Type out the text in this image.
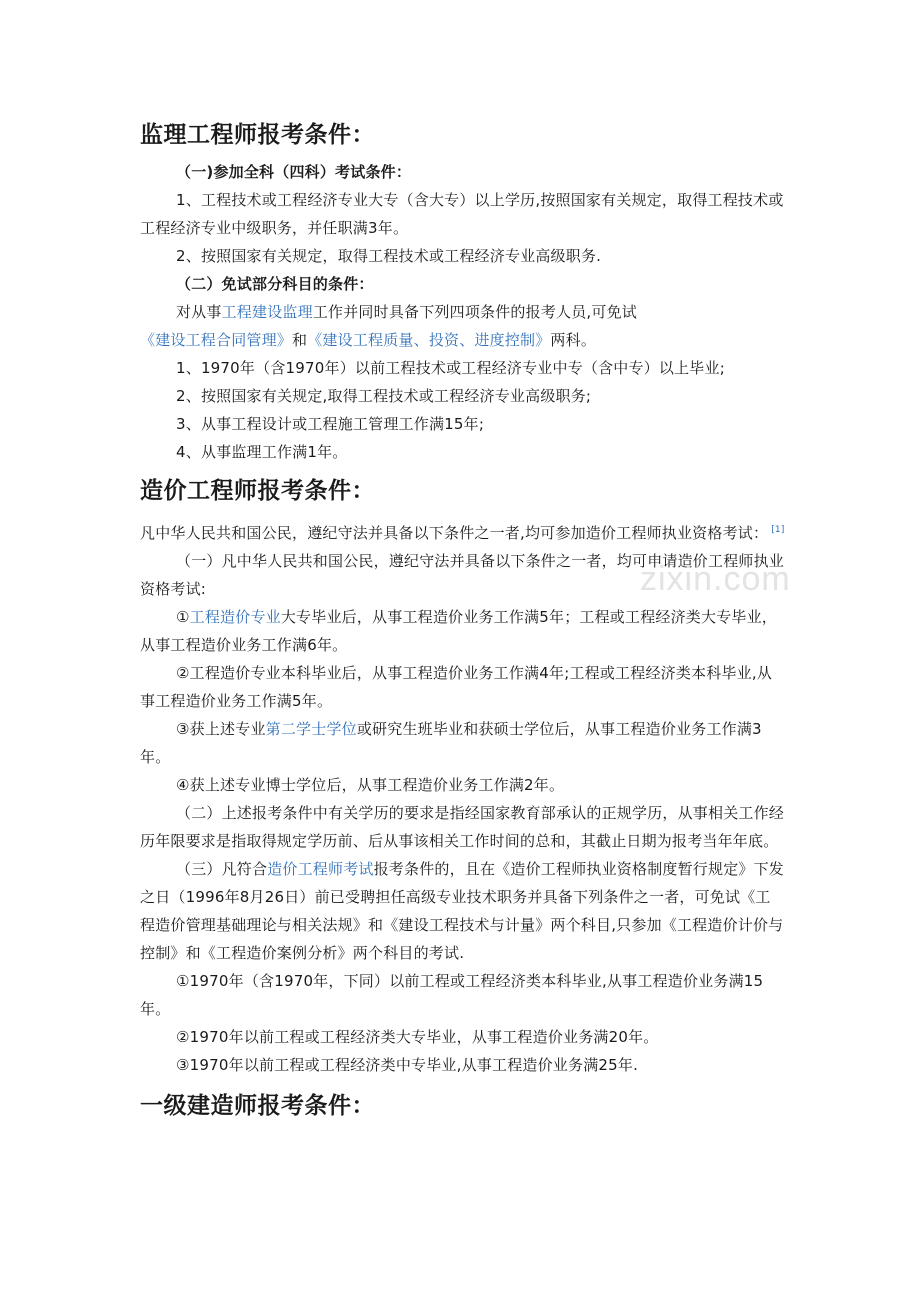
监理工程师报考条件：

（一)参加全科（四科）考试条件：

1、工程技术或工程经济专业大专（含大专）以上学历,按照国家有关规定，取得工程技术或工程经济专业中级职务，并任职满3年。

2、按照国家有关规定，取得工程技术或工程经济专业高级职务.

（二）免试部分科目的条件：

对从事工程建设监理工作并同时具备下列四项条件的报考人员,可免试《建设工程合同管理》和《建设工程质量、投资、进度控制》两科。

1、1970年（含1970年）以前工程技术或工程经济专业中专（含中专）以上毕业;

2、按照国家有关规定,取得工程技术或工程经济专业高级职务;

3、从事工程设计或工程施工管理工作满15年;

4、从事监理工作满1年。

造价工程师报考条件：

凡中华人民共和国公民，遵纪守法并具备以下条件之一者,均可参加造价工程师执业资格考试： [1]

（一）凡中华人民共和国公民，遵纪守法并具备以下条件之一者，均可申请造价工程师执业资格考试:

①工程造价专业大专毕业后，从事工程造价业务工作满5年；工程或工程经济类大专毕业，从事工程造价业务工作满6年。

②工程造价专业本科毕业后，从事工程造价业务工作满4年;工程或工程经济类本科毕业,从事工程造价业务工作满5年。

③获上述专业第二学士学位或研究生班毕业和获硕士学位后，从事工程造价业务工作满3年。

④获上述专业博士学位后，从事工程造价业务工作满2年。

（二）上述报考条件中有关学历的要求是指经国家教育部承认的正规学历，从事相关工作经历年限要求是指取得规定学历前、后从事该相关工作时间的总和，其截止日期为报考当年年底。

（三）凡符合造价工程师考试报考条件的，且在《造价工程师执业资格制度暂行规定》下发之日（1996年8月26日）前已受聘担任高级专业技术职务并具备下列条件之一者，可免试《工程造价管理基础理论与相关法规》和《建设工程技术与计量》两个科目,只参加《工程造价计价与控制》和《工程造价案例分析》两个科目的考试.

①1970年（含1970年，下同）以前工程或工程经济类本科毕业,从事工程造价业务满15年。

②1970年以前工程或工程经济类大专毕业，从事工程造价业务满20年。

③1970年以前工程或工程经济类中专毕业,从事工程造价业务满25年.

一级建造师报考条件：
zixin.com
